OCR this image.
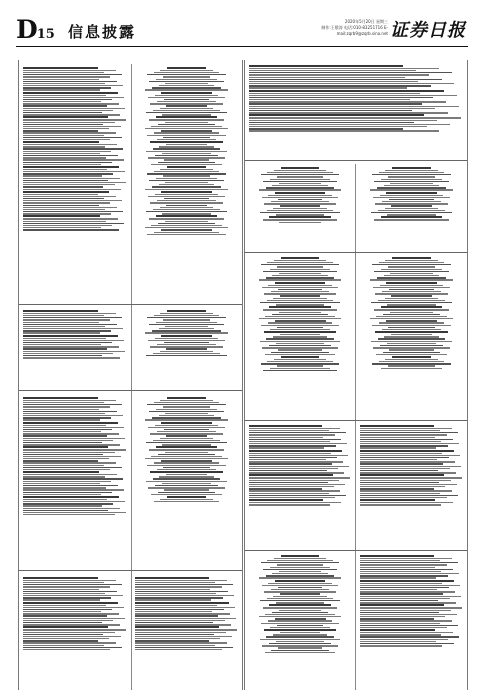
D15 信息披露
2020年5月20日 星期三
制作:王敬涛 电话:010-83251716 E-mail:zqrb9@zqrb.sina.net 证券日报
